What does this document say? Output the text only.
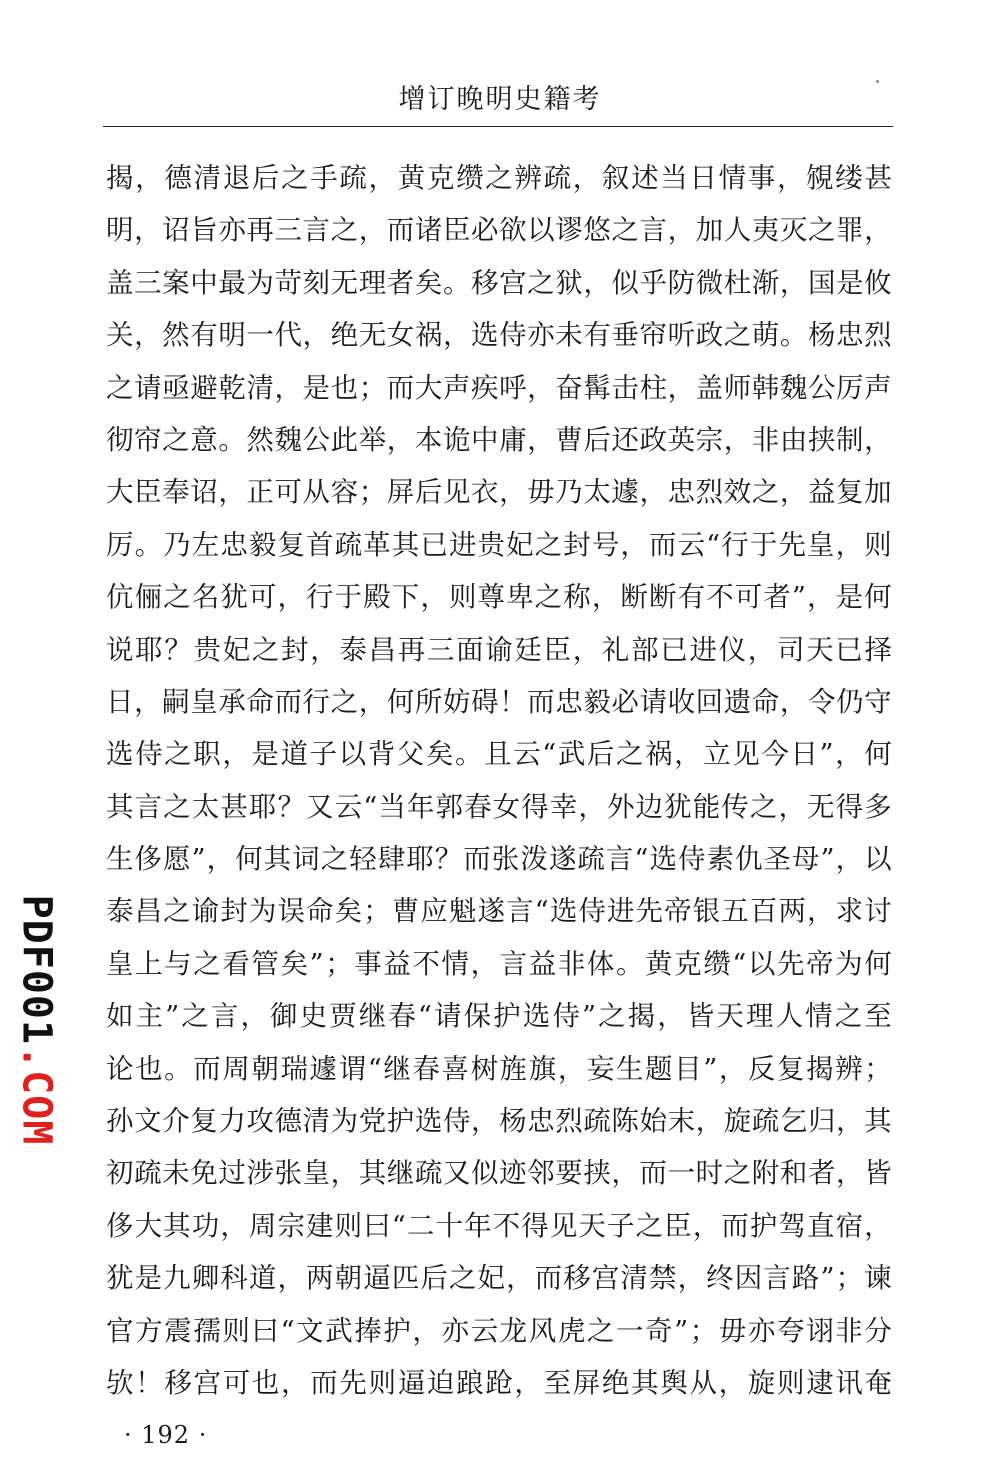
增订晚明史籍考
揭 ， 德 清 退 后 之 手 疏 ， 黄 克 缵 之 辨 疏 ， 叙 述 当 日 情 事 ， 覙 缕 甚
明 ， 诏 旨 亦 再 三 言 之 ， 而 诸 臣 必 欲 以 谬 悠 之 言 ， 加 人 夷 灭 之 罪 ，
盖 三 案 中 最 为 苛 刻 无 理 者 矣 。 移 宫 之 狱 ， 似 乎 防 微 杜 渐 ， 国 是 攸
关 ， 然 有 明 一 代 ， 绝 无 女 祸 ， 选 侍 亦 未 有 垂 帘 听 政 之 萌 。 杨 忠 烈
之 请 亟 避 乾 清 ， 是 也 ； 而 大 声 疾 呼 ， 奋 髯 击 柱 ， 盖 师 韩 魏 公 厉 声
彻 帘 之 意 。 然 魏 公 此 举 ， 本 诡 中 庸 ， 曹 后 还 政 英 宗 ， 非 由 挟 制 ，
大 臣 奉 诏 ， 正 可 从 容 ； 屏 后 见 衣 ， 毋 乃 太 遽 ， 忠 烈 效 之 ， 益 复 加
厉 。 乃 左 忠 毅 复 首 疏 革 其 已 进 贵 妃 之 封 号 ， 而 云 “ 行 于 先 皇 ， 则
伉 俪 之 名 犹 可 ， 行 于 殿 下 ， 则 尊 卑 之 称 ， 断 断 有 不 可 者 ” ， 是 何
说 耶 ？ 贵 妃 之 封 ， 泰 昌 再 三 面 谕 廷 臣 ， 礼 部 已 进 仪 ， 司 天 已 择
日 ， 嗣 皇 承 命 而 行 之 ， 何 所 妨 碍 ！ 而 忠 毅 必 请 收 回 遗 命 ， 令 仍 守
选 侍 之 职 ， 是 道 子 以 背 父 矣 。 且 云 “ 武 后 之 祸 ， 立 见 今 日 ” ， 何
其 言 之 太 甚 耶 ？ 又 云 “ 当 年 郭 春 女 得 幸 ， 外 边 犹 能 传 之 ， 无 得 多
生 侈 愿 ” ， 何 其 词 之 轻 肆 耶 ？ 而 张 泼 遂 疏 言 “ 选 侍 素 仇 圣 母 ” ， 以
泰 昌 之 谕 封 为 误 命 矣 ； 曹 应 魁 遂 言 “ 选 侍 进 先 帝 银 五 百 两 ， 求 讨
皇 上 与 之 看 管 矣 ” ； 事 益 不 情 ， 言 益 非 体 。 黄 克 缵 “ 以 先 帝 为 何
如 主 ” 之 言 ， 御 史 贾 继 春 “ 请 保 护 选 侍 ” 之 揭 ， 皆 天 理 人 情 之 至
论 也 。 而 周 朝 瑞 遽 谓 “ 继 春 喜 树 旌 旗 ， 妄 生 题 目 ” ， 反 复 揭 辨 ；
孙 文 介 复 力 攻 德 清 为 党 护 选 侍 ， 杨 忠 烈 疏 陈 始 末 ， 旋 疏 乞 归 ， 其
初 疏 未 免 过 涉 张 皇 ， 其 继 疏 又 似 迹 邻 要 挟 ， 而 一 时 之 附 和 者 ， 皆
侈 大 其 功 ， 周 宗 建 则 曰 “ 二 十 年 不 得 见 天 子 之 臣 ， 而 护 驾 直 宿 ，
犹 是 九 卿 科 道 ， 两 朝 逼 匹 后 之 妃 ， 而 移 宫 清 禁 ， 终 因 言 路 ” ； 谏
官 方 震 孺 则 曰 “ 文 武 捧 护 ， 亦 云 龙 风 虎 之 一 奇 ” ； 毋 亦 夸 诩 非 分
欤 ！ 移 宫 可 也 ， 而 先 则 逼 迫 踉 跄 ， 至 屏 绝 其 舆 从 ， 旋 则 逮 讯 奄
· 192 ·
PDF001.COM
